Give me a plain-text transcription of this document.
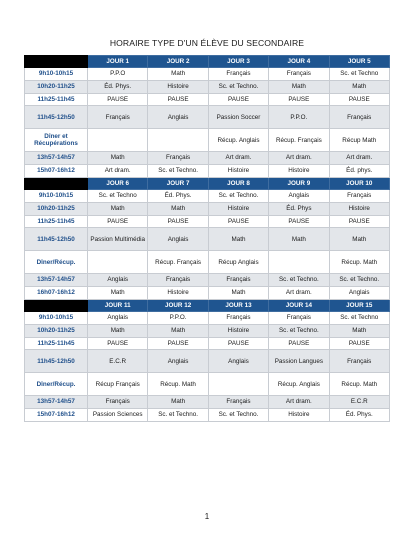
HORAIRE TYPE D'UN ÉLÈVE DU SECONDAIRE
	JOUR 1	JOUR 2	JOUR 3	JOUR 4	JOUR 5
9h10-10h15	P.P.O	Math	Français	Français	Sc. et Techno
10h20-11h25	Éd. Phys.	Histoire	Sc. et Techno.	Math	Math
11h25-11h45	PAUSE	PAUSE	PAUSE	PAUSE	PAUSE
11h45-12h50	Français	Anglais	Passion Soccer	P.P.O.	Français
Dîner et Récupérations			Récup. Anglais	Récup. Français	Récup Math
13h57-14h57	Math	Français	Art dram.	Art dram.	Art dram.
15h07-16h12	Art dram.	Sc. et Techno.	Histoire	Histoire	Éd. phys.
	JOUR 6	JOUR 7	JOUR 8	JOUR 9	JOUR 10
9h10-10h15	Sc. et Techno	Éd. Phys.	Sc. et Techno.	Anglais	Français
10h20-11h25	Math	Math	Histoire	Éd. Phys	Histoire
11h25-11h45	PAUSE	PAUSE	PAUSE	PAUSE	PAUSE
11h45-12h50	Passion Multimédia	Anglais	Math	Math	Math
Dîner/Récup.		Récup. Français	Récup Anglais		Récup. Math
13h57-14h57	Anglais	Français	Français	Sc. et Techno.	Sc. et Techno.
16h07-16h12	Math	Histoire	Math	Art dram.	Anglais
	JOUR 11	JOUR 12	JOUR 13	JOUR 14	JOUR 15
9h10-10h15	Anglais	P.P.O.	Français	Français	Sc. et Techno
10h20-11h25	Math	Math	Histoire	Sc. et Techno.	Math
11h25-11h45	PAUSE	PAUSE	PAUSE	PAUSE	PAUSE
11h45-12h50	E.C.R	Anglais	Anglais	Passion Langues	Français
Dîner/Récup.	Récup Français	Récup. Math		Récup. Anglais	Récup. Math
13h57-14h57	Français	Math	Français	Art dram.	E.C.R
15h07-16h12	Passion Sciences	Sc. et Techno.	Sc. et Techno.	Histoire	Éd. Phys.
1
